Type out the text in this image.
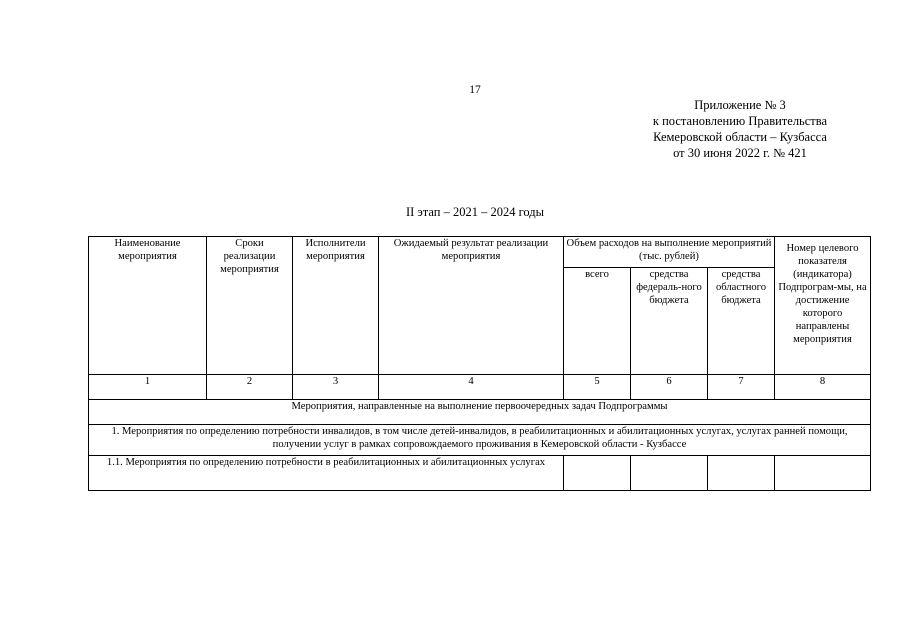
17
Приложение № 3
к постановлению Правительства
Кемеровской области – Кузбасса
от 30 июня 2022 г. № 421
II этап – 2021 – 2024 годы
Наименование мероприятия	Сроки реализации мероприятия	Исполнители мероприятия	Ожидаемый результат реализации мероприятия	Объем расходов на выполнение мероприятий (тыс. рублей)			Номер целевого показателя (индикатора) Подпрограм-мы, на достижение которого направлены мероприятия
				всего	средства федераль-ного бюджета	средства областного бюджета	
1	2	3	4	5	6	7	8
Мероприятия, направленные на выполнение первоочередных задач Подпрограммы							
1. Мероприятия по определению потребности инвалидов, в том числе детей-инвалидов, в реабилитационных и абилитационных услугах, услугах ранней помощи, получении услуг в рамках сопровождаемого проживания в Кемеровской области - Кузбассе							
1.1. Мероприятия по определению потребности в реабилитационных и абилитационных услугах							
